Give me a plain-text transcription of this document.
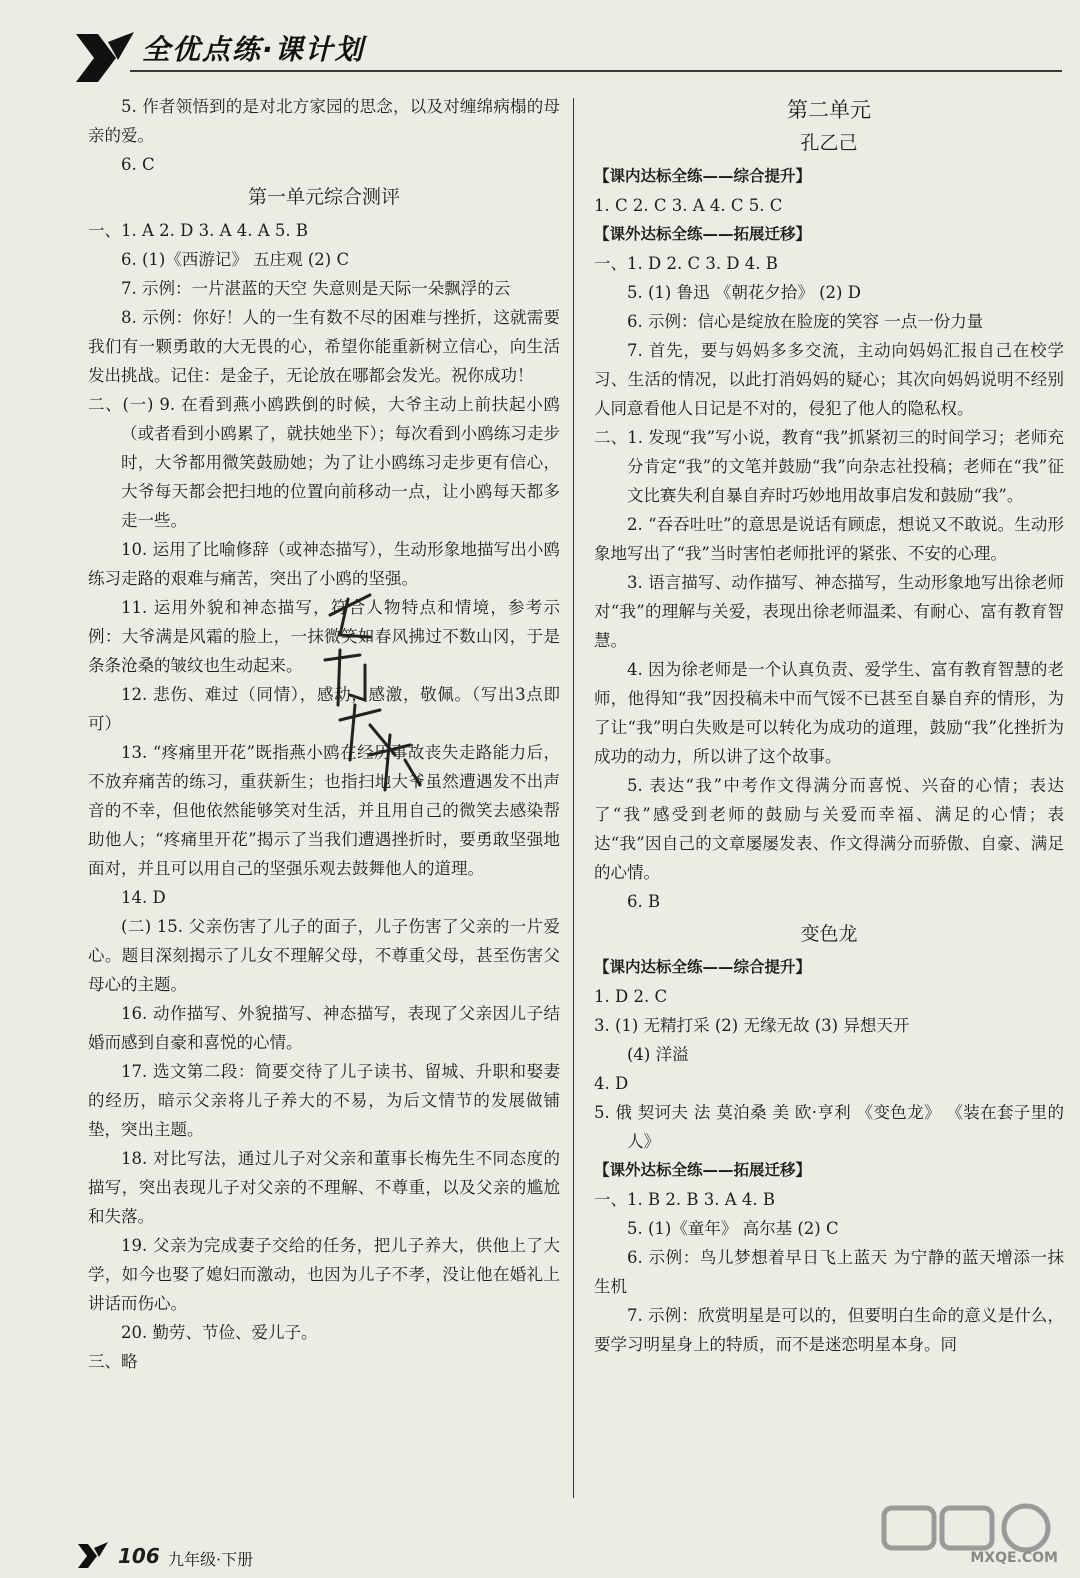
全优点练·课计划

5. 作者领悟到的是对北方家园的思念，以及对缠绵病榻的母亲的爱。

6. C

第一单元综合测评

一、1. A 2. D 3. A 4. A 5. B

6. (1)《西游记》 五庄观 (2) C

7. 示例：一片湛蓝的天空 失意则是天际一朵飘浮的云

8. 示例：你好！人的一生有数不尽的困难与挫折，这就需要我们有一颗勇敢的大无畏的心，希望你能重新树立信心，向生活发出挑战。记住：是金子，无论放在哪都会发光。祝你成功！

二、(一) 9. 在看到燕小鸥跌倒的时候，大爷主动上前扶起小鸥（或者看到小鸥累了，就扶她坐下）；每次看到小鸥练习走步时，大爷都用微笑鼓励她；为了让小鸥练习走步更有信心，大爷每天都会把扫地的位置向前移动一点，让小鸥每天都多走一些。

10. 运用了比喻修辞（或神态描写），生动形象地描写出小鸥练习走路的艰难与痛苦，突出了小鸥的坚强。

11. 运用外貌和神态描写，符合人物特点和情境，参考示例：大爷满是风霜的脸上，一抹微笑如春风拂过不数山冈，于是条条沧桑的皱纹也生动起来。

12. 悲伤、难过（同情），感动，感激，敬佩。（写出3点即可）

13. “疼痛里开花”既指燕小鸥在经历事故丧失走路能力后，不放弃痛苦的练习，重获新生；也指扫地大爷虽然遭遇发不出声音的不幸，但他依然能够笑对生活，并且用自己的微笑去感染帮助他人；“疼痛里开花”揭示了当我们遭遇挫折时，要勇敢坚强地面对，并且可以用自己的坚强乐观去鼓舞他人的道理。

14. D

(二) 15. 父亲伤害了儿子的面子，儿子伤害了父亲的一片爱心。题目深刻揭示了儿女不理解父母，不尊重父母，甚至伤害父母心的主题。

16. 动作描写、外貌描写、神态描写，表现了父亲因儿子结婚而感到自豪和喜悦的心情。

17. 选文第二段：简要交待了儿子读书、留城、升职和娶妻的经历，暗示父亲将儿子养大的不易，为后文情节的发展做铺垫，突出主题。

18. 对比写法，通过儿子对父亲和董事长梅先生不同态度的描写，突出表现儿子对父亲的不理解、不尊重，以及父亲的尴尬和失落。

19. 父亲为完成妻子交给的任务，把儿子养大，供他上了大学，如今也娶了媳妇而激动，也因为儿子不孝，没让他在婚礼上讲话而伤心。

20. 勤劳、节俭、爱儿子。

三、略

第二单元

孔乙己

【课内达标全练——综合提升】

1. C 2. C 3. A 4. C 5. C

【课外达标全练——拓展迁移】

一、1. D 2. C 3. D 4. B

5. (1) 鲁迅 《朝花夕拾》 (2) D

6. 示例：信心是绽放在脸庞的笑容 一点一份力量

7. 首先，要与妈妈多多交流，主动向妈妈汇报自己在校学习、生活的情况，以此打消妈妈的疑心；其次向妈妈说明不经别人同意看他人日记是不对的，侵犯了他人的隐私权。

二、1. 发现“我”写小说，教育“我”抓紧初三的时间学习；老师充分肯定“我”的文笔并鼓励“我”向杂志社投稿；老师在“我”征文比赛失利自暴自弃时巧妙地用故事启发和鼓励“我”。

2. “吞吞吐吐”的意思是说话有顾虑，想说又不敢说。生动形象地写出了“我”当时害怕老师批评的紧张、不安的心理。

3. 语言描写、动作描写、神态描写，生动形象地写出徐老师对“我”的理解与关爱，表现出徐老师温柔、有耐心、富有教育智慧。

4. 因为徐老师是一个认真负责、爱学生、富有教育智慧的老师，他得知“我”因投稿未中而气馁不已甚至自暴自弃的情形，为了让“我”明白失败是可以转化为成功的道理，鼓励“我”化挫折为成功的动力，所以讲了这个故事。

5. 表达“我”中考作文得满分而喜悦、兴奋的心情；表达了“我”感受到老师的鼓励与关爱而幸福、满足的心情；表达“我”因自己的文章屡屡发表、作文得满分而骄傲、自豪、满足的心情。

6. B

变色龙

【课内达标全练——综合提升】

1. D 2. C

3. (1) 无精打采 (2) 无缘无故 (3) 异想天开

(4) 洋溢

4. D

5. 俄 契诃夫 法 莫泊桑 美 欧·亨利 《变色龙》 《装在套子里的人》

【课外达标全练——拓展迁移】

一、1. B 2. B 3. A 4. B

5. (1)《童年》 高尔基 (2) C

6. 示例：鸟儿梦想着早日飞上蓝天 为宁静的蓝天增添一抹生机

7. 示例：欣赏明星是可以的，但要明白生命的意义是什么，要学习明星身上的特质，而不是迷恋明星本身。同

106 九年级·下册	MXQE.COM
